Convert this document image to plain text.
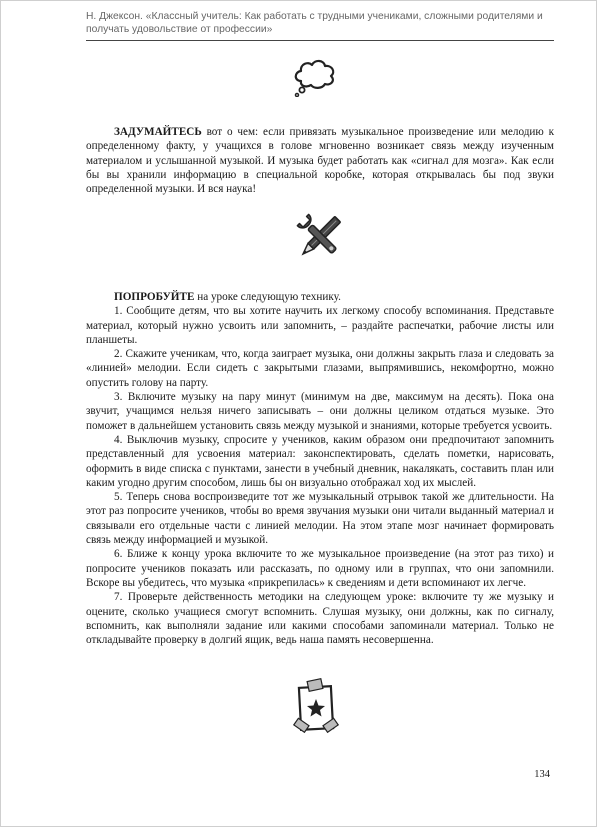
Н. Джексон. «Классный учитель: Как работать с трудными учениками, сложными родителями и получать удовольствие от профессии»

ЗАДУМАЙТЕСЬ вот о чем: если привязать музыкальное произведение или мелодию к определенному факту, у учащихся в голове мгновенно возникает связь между изученным материалом и услышанной музыкой. И музыка будет работать как «сигнал для мозга». Как если бы вы хранили информацию в специальной коробке, которая открывалась бы под звуки определенной музыки. И вся наука!

ПОПРОБУЙТЕ на уроке следующую технику.

1. Сообщите детям, что вы хотите научить их легкому способу вспоминания. Представьте материал, который нужно усвоить или запомнить, – раздайте распечатки, рабочие листы или планшеты.

2. Скажите ученикам, что, когда заиграет музыка, они должны закрыть глаза и следовать за «линией» мелодии. Если сидеть с закрытыми глазами, выпрямившись, некомфортно, можно опустить голову на парту.

3. Включите музыку на пару минут (минимум на две, максимум на десять). Пока она звучит, учащимся нельзя ничего записывать – они должны целиком отдаться музыке. Это поможет в дальнейшем установить связь между музыкой и знаниями, которые требуется усвоить.

4. Выключив музыку, спросите у учеников, каким образом они предпочитают запомнить представленный для усвоения материал: законспектировать, сделать пометки, нарисовать, оформить в виде списка с пунктами, занести в учебный дневник, накалякать, составить план или каким угодно другим способом, лишь бы он визуально отображал ход их мыслей.

5. Теперь снова воспроизведите тот же музыкальный отрывок такой же длительности. На этот раз попросите учеников, чтобы во время звучания музыки они читали выданный материал и связывали его отдельные части с линией мелодии. На этом этапе мозг начинает формировать связь между информацией и музыкой.

6. Ближе к концу урока включите то же музыкальное произведение (на этот раз тихо) и попросите учеников показать или рассказать, по одному или в группах, что они запомнили. Вскоре вы убедитесь, что музыка «прикрепилась» к сведениям и дети вспоминают их легче.

7. Проверьте действенность методики на следующем уроке: включите ту же музыку и оцените, сколько учащиеся смогут вспомнить. Слушая музыку, они должны, как по сигналу, вспомнить, как выполняли задание или какими способами запоминали материал. Только не откладывайте проверку в долгий ящик, ведь наша память несовершенна.

134
